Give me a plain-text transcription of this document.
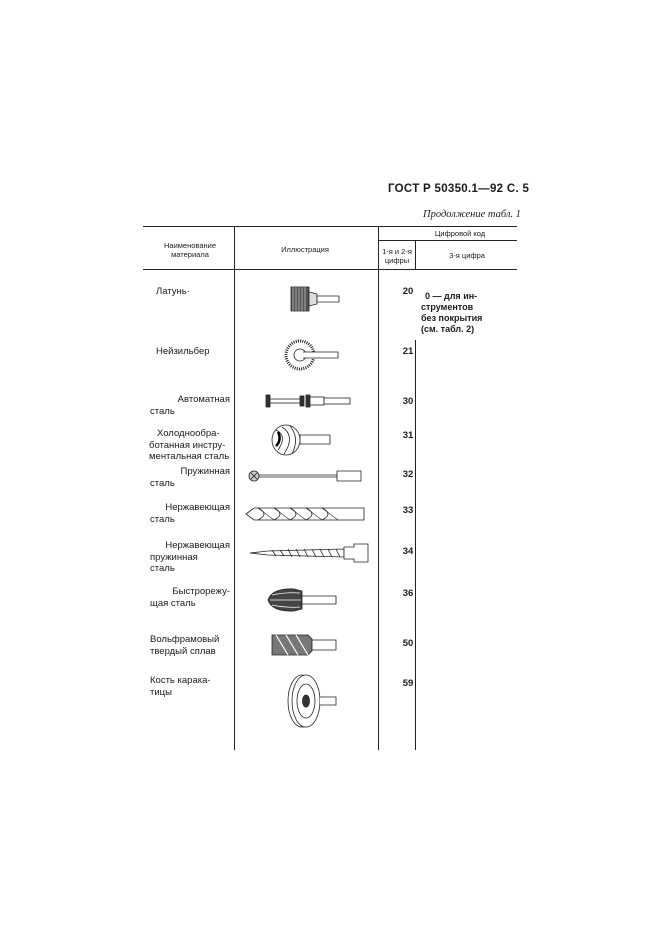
ГОСТ Р 50350.1—92 С. 5
Продолжение табл. 1
Наименование
материала
Иллюстрация
Цифровой код
1-я и 2-я
цифры
3-я цифра
Латунь·	20
Нейзильбер	21
Автоматная
сталь
30
Холоднообра-
ботанная инстру-
ментальная сталь
31
Пружинная
сталь
32
Нержавеющая
сталь
33
Нержавеющая
пружинная
сталь
34
Быстрорежу-
щая сталь
36
Вольфрамовый
твердый сплав
50
Кость карака-
тицы
59
0 — для ин-
струментов
без покрытия
(см. табл. 2)
